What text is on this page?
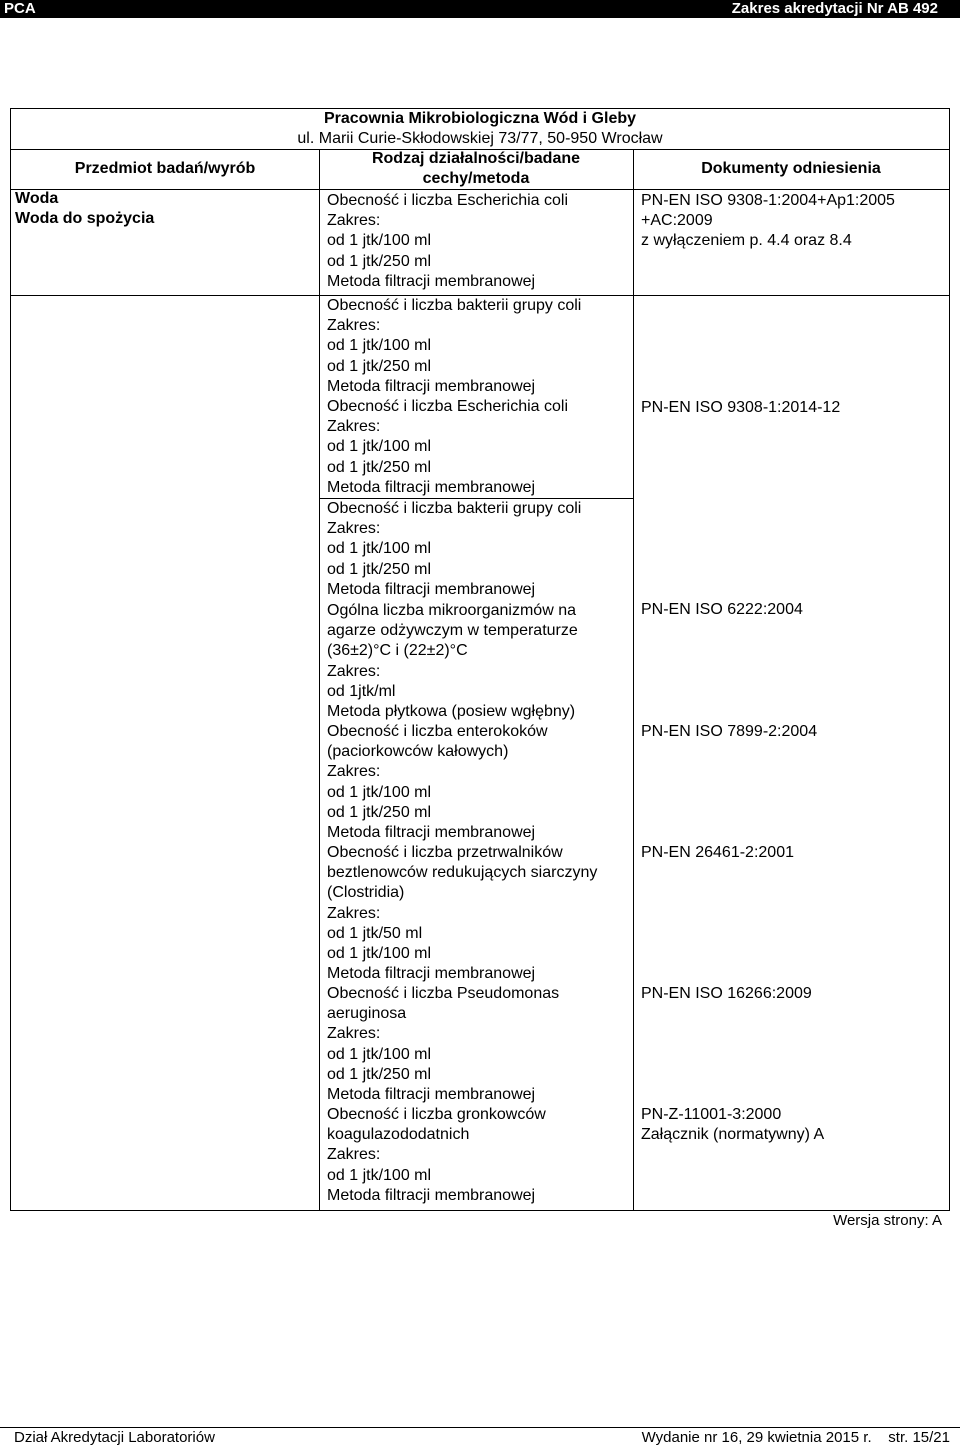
PCA	Zakres akredytacji Nr AB 492
Pracownia Mikrobiologiczna Wód i Gleby
ul. Marii Curie-Skłodowskiej 73/77, 50-950 Wrocław
Przedmiot badań/wyrób
Rodzaj działalności/badane cechy/metoda
Dokumenty odniesienia
Woda
Woda do spożycia
Obecność i liczba Escherichia coli
Zakres:
od 1 jtk/100 ml
od 1 jtk/250 ml
Metoda filtracji membranowej
Obecność i liczba bakterii grupy coli
Zakres:
od 1 jtk/100 ml
od 1 jtk/250 ml
Metoda filtracji membranowej
Obecność i liczba Escherichia coli
Zakres:
od 1 jtk/100 ml
od 1 jtk/250 ml
Metoda filtracji membranowej
Obecność i liczba bakterii grupy coli
Zakres:
od 1 jtk/100 ml
od 1 jtk/250 ml
Metoda filtracji membranowej
Ogólna liczba mikroorganizmów na
agarze odżywczym w temperaturze
(36±2)°C i (22±2)°C
Zakres:
od 1jtk/ml
Metoda płytkowa (posiew wgłębny)
Obecność i liczba enterokoków
(paciorkowców kałowych)
Zakres:
od 1 jtk/100 ml
od 1 jtk/250 ml
Metoda filtracji membranowej
Obecność i liczba przetrwalników
beztlenowców redukujących siarczyny
(Clostridia)
Zakres:
od 1 jtk/50 ml
od 1 jtk/100 ml
Metoda filtracji membranowej
Obecność i liczba Pseudomonas
aeruginosa
Zakres:
od 1 jtk/100 ml
od 1 jtk/250 ml
Metoda filtracji membranowej
Obecność i liczba gronkowców
koagulazododatnich
Zakres:
od 1 jtk/100 ml
Metoda filtracji membranowej
PN-EN ISO 9308-1:2004+Ap1:2005
+AC:2009
z wyłączeniem p. 4.4 oraz 8.4
PN-EN ISO 9308-1:2014-12
PN-EN ISO 6222:2004
PN-EN ISO 7899-2:2004
PN-EN 26461-2:2001
PN-EN ISO 16266:2009
PN-Z-11001-3:2000
Załącznik (normatywny) A
Wersja strony: A
Dział Akredytacji Laboratoriów	Wydanie nr 16, 29 kwietnia 2015 r.    str. 15/21
